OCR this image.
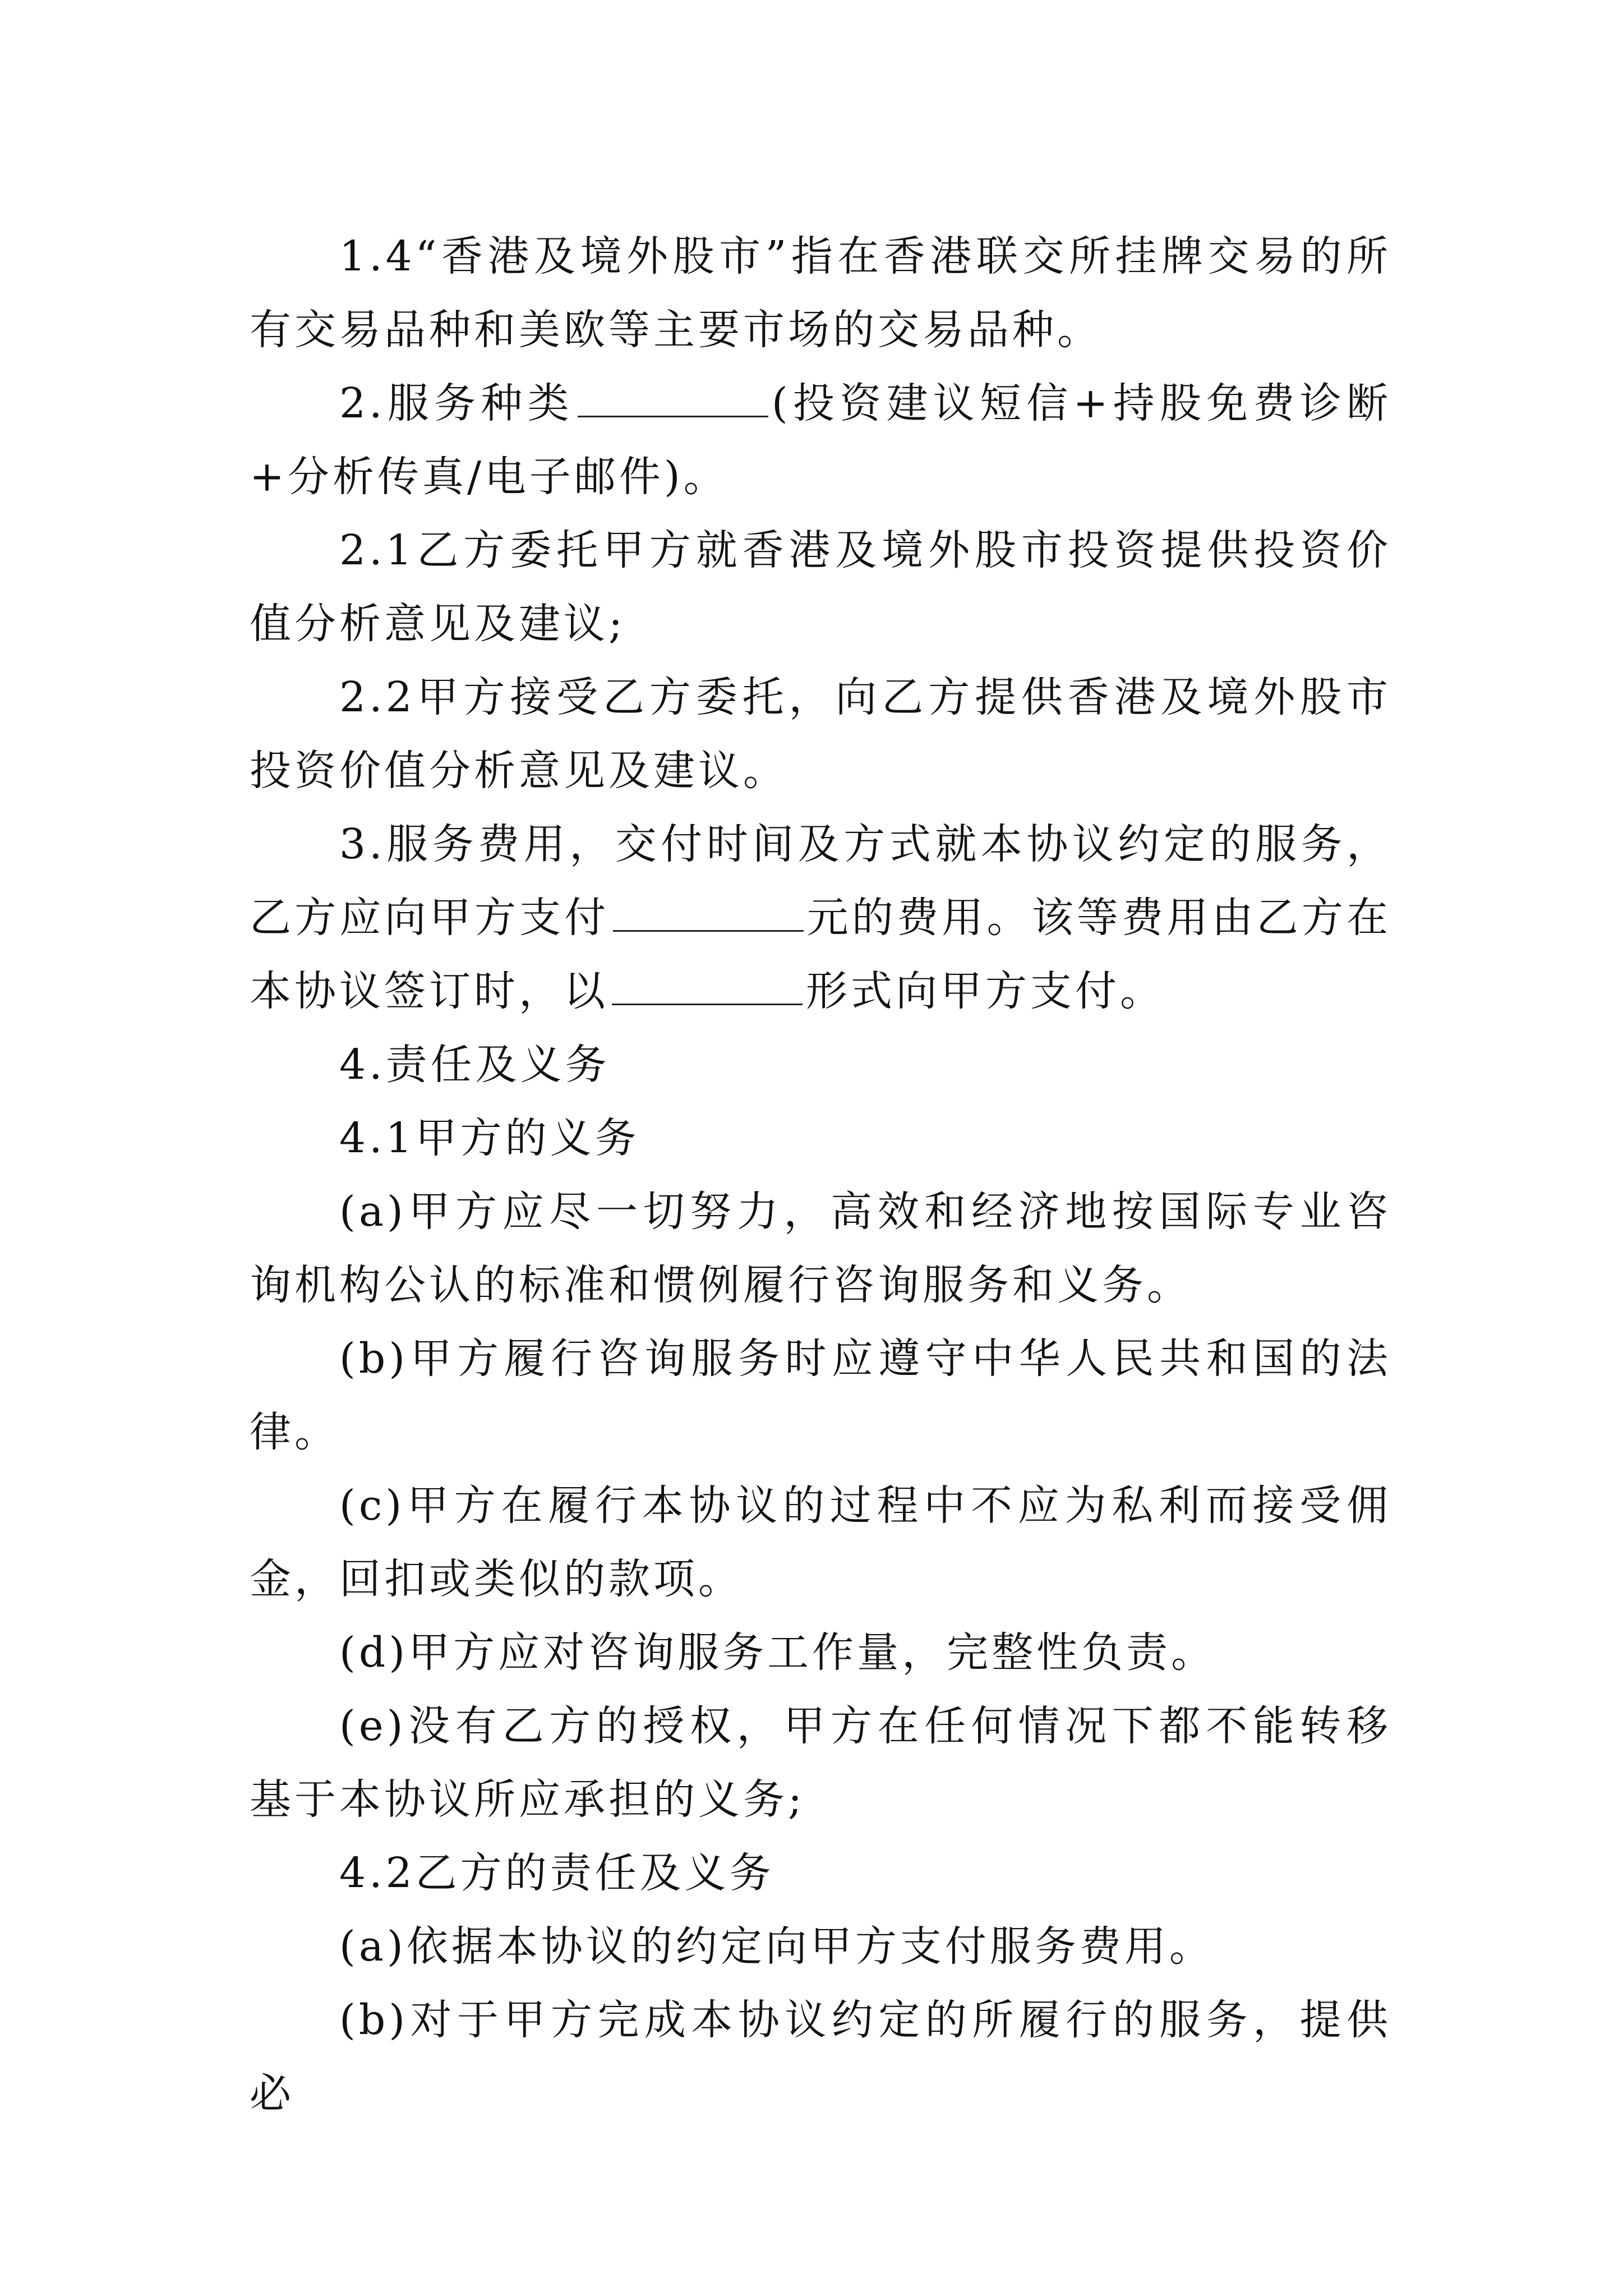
1.4“香港及境外股市”指在香港联交所挂牌交易的所有交易品种和美欧等主要市场的交易品种。

2.服务种类	(投资建议短信+持股免费诊断+分析传真/电子邮件)。

2.1乙方委托甲方就香港及境外股市投资提供投资价值分析意见及建议;

2.2甲方接受乙方委托，向乙方提供香港及境外股市投资价值分析意见及建议。

3.服务费用，交付时间及方式就本协议约定的服务，乙方应向甲方支付	元的费用。该等费用由乙方在本协议签订时，以	形式向甲方支付。

4.责任及义务

4.1甲方的义务

(a)甲方应尽一切努力，高效和经济地按国际专业咨询机构公认的标准和惯例履行咨询服务和义务。

(b)甲方履行咨询服务时应遵守中华人民共和国的法律。

(c)甲方在履行本协议的过程中不应为私利而接受佣金，回扣或类似的款项。

(d)甲方应对咨询服务工作量，完整性负责。

(e)没有乙方的授权，甲方在任何情况下都不能转移基于本协议所应承担的义务;

4.2乙方的责任及义务

(a)依据本协议的约定向甲方支付服务费用。

(b)对于甲方完成本协议约定的所履行的服务，提供必
